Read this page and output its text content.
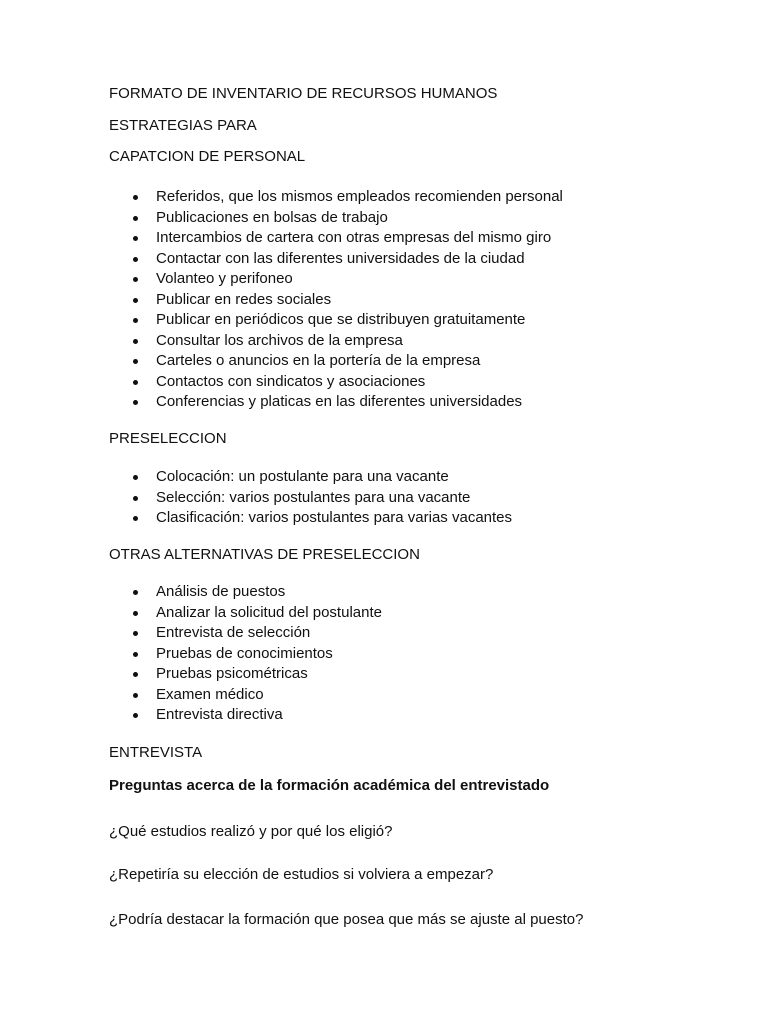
FORMATO DE INVENTARIO DE RECURSOS HUMANOS

ESTRATEGIAS PARA

CAPATCION DE PERSONAL

Referidos, que los mismos empleados recomienden personal
Publicaciones en bolsas de trabajo
Intercambios de cartera con otras empresas del mismo giro
Contactar con las diferentes universidades de la ciudad
Volanteo y perifoneo
Publicar en redes sociales
Publicar en periódicos que se distribuyen gratuitamente
Consultar los archivos de la empresa
Carteles o anuncios en la portería de la empresa
Contactos con sindicatos y asociaciones
Conferencias y platicas en las diferentes universidades

PRESELECCION

Colocación: un postulante para una vacante
Selección: varios postulantes para una vacante
Clasificación: varios postulantes para varias vacantes

OTRAS ALTERNATIVAS DE PRESELECCION

Análisis de puestos
Analizar la solicitud del postulante
Entrevista de selección
Pruebas de conocimientos
Pruebas psicométricas
Examen médico
Entrevista directiva

ENTREVISTA

Preguntas acerca de la formación académica del entrevistado

¿Qué estudios realizó y por qué los eligió?

¿Repetiría su elección de estudios si volviera a empezar?

¿Podría destacar la formación que posea que más se ajuste al puesto?
